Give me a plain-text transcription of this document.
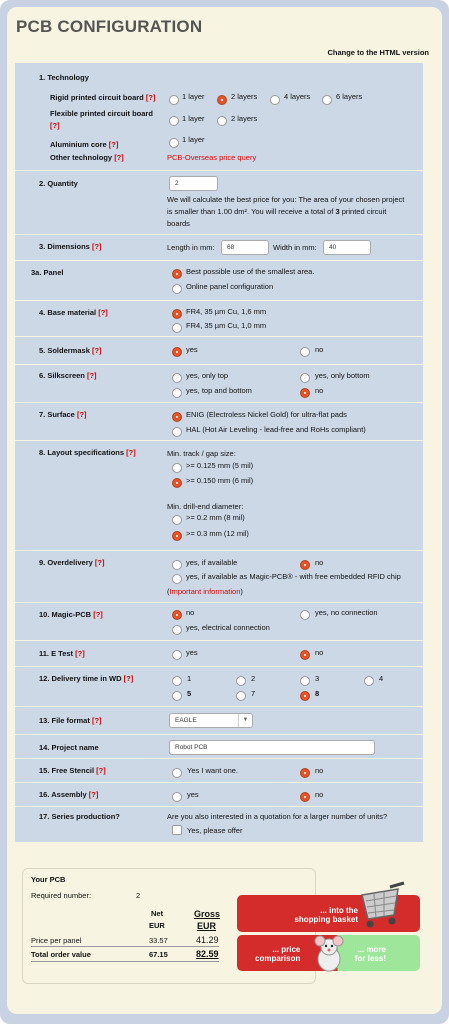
PCB CONFIGURATION
Change to the HTML version
1. Technology
Rigid printed circuit board [?]	1 layer	2 layers	4 layers	6 layers
Flexible printed circuit board
[?]
1 layer	2 layers
Aluminium core [?]
1 layer
Other technology [?]	PCB-Overseas price query
2. Quantity	2
We will calculate the best price for you: The area of your chosen project
is smaller than 1.00 dm². You will receive a total of 3 printed circuit
boards
3. Dimensions [?]	Length in mm:	68	Width in mm:	40
3a. Panel	Best possible use of the smallest area.
Online panel configuration
4. Base material [?]	FR4, 35 µm Cu, 1,6 mm
FR4, 35 µm Cu, 1,0 mm
5. Soldermask [?]	yes	no
6. Silkscreen [?]	yes, only top	yes, only bottom
yes, top and bottom	no
7. Surface [?]	ENIG (Electroless Nickel Gold) for ultra-flat pads
HAL (Hot Air Leveling - lead-free and RoHs compliant)
8. Layout specifications [?]	Min. track / gap size:
>= 0.125 mm (5 mil)
>= 0.150 mm (6 mil)
Min. drill-end diameter:
>= 0.2 mm (8 mil)
>= 0.3 mm (12 mil)
9. Overdelivery [?]	yes, if available	no
yes, if available as Magic-PCB® - with free embedded RFID chip
(Important information)
10. Magic-PCB [?]	no	yes, no connection
yes, electrical connection
11. E Test [?]	yes	no
12. Delivery time in WD [?]	1	2	3	4
5	7	8
13. File format [?]	EAGLE	▼
14. Project name	Robot PCB
15. Free Stencil [?]	Yes I want one.	no
16. Assembly [?]	yes	no
17. Series production?	Are you also interested in a quotation for a larger number of units?
Yes, please offer
Your PCB
Required number:	2
Net
EUR
Gross
EUR
Price per panel	33.57	41.29
Total order value	67.15	82.59
... into the
shopping basket
... price
comparison
... more
for less!
